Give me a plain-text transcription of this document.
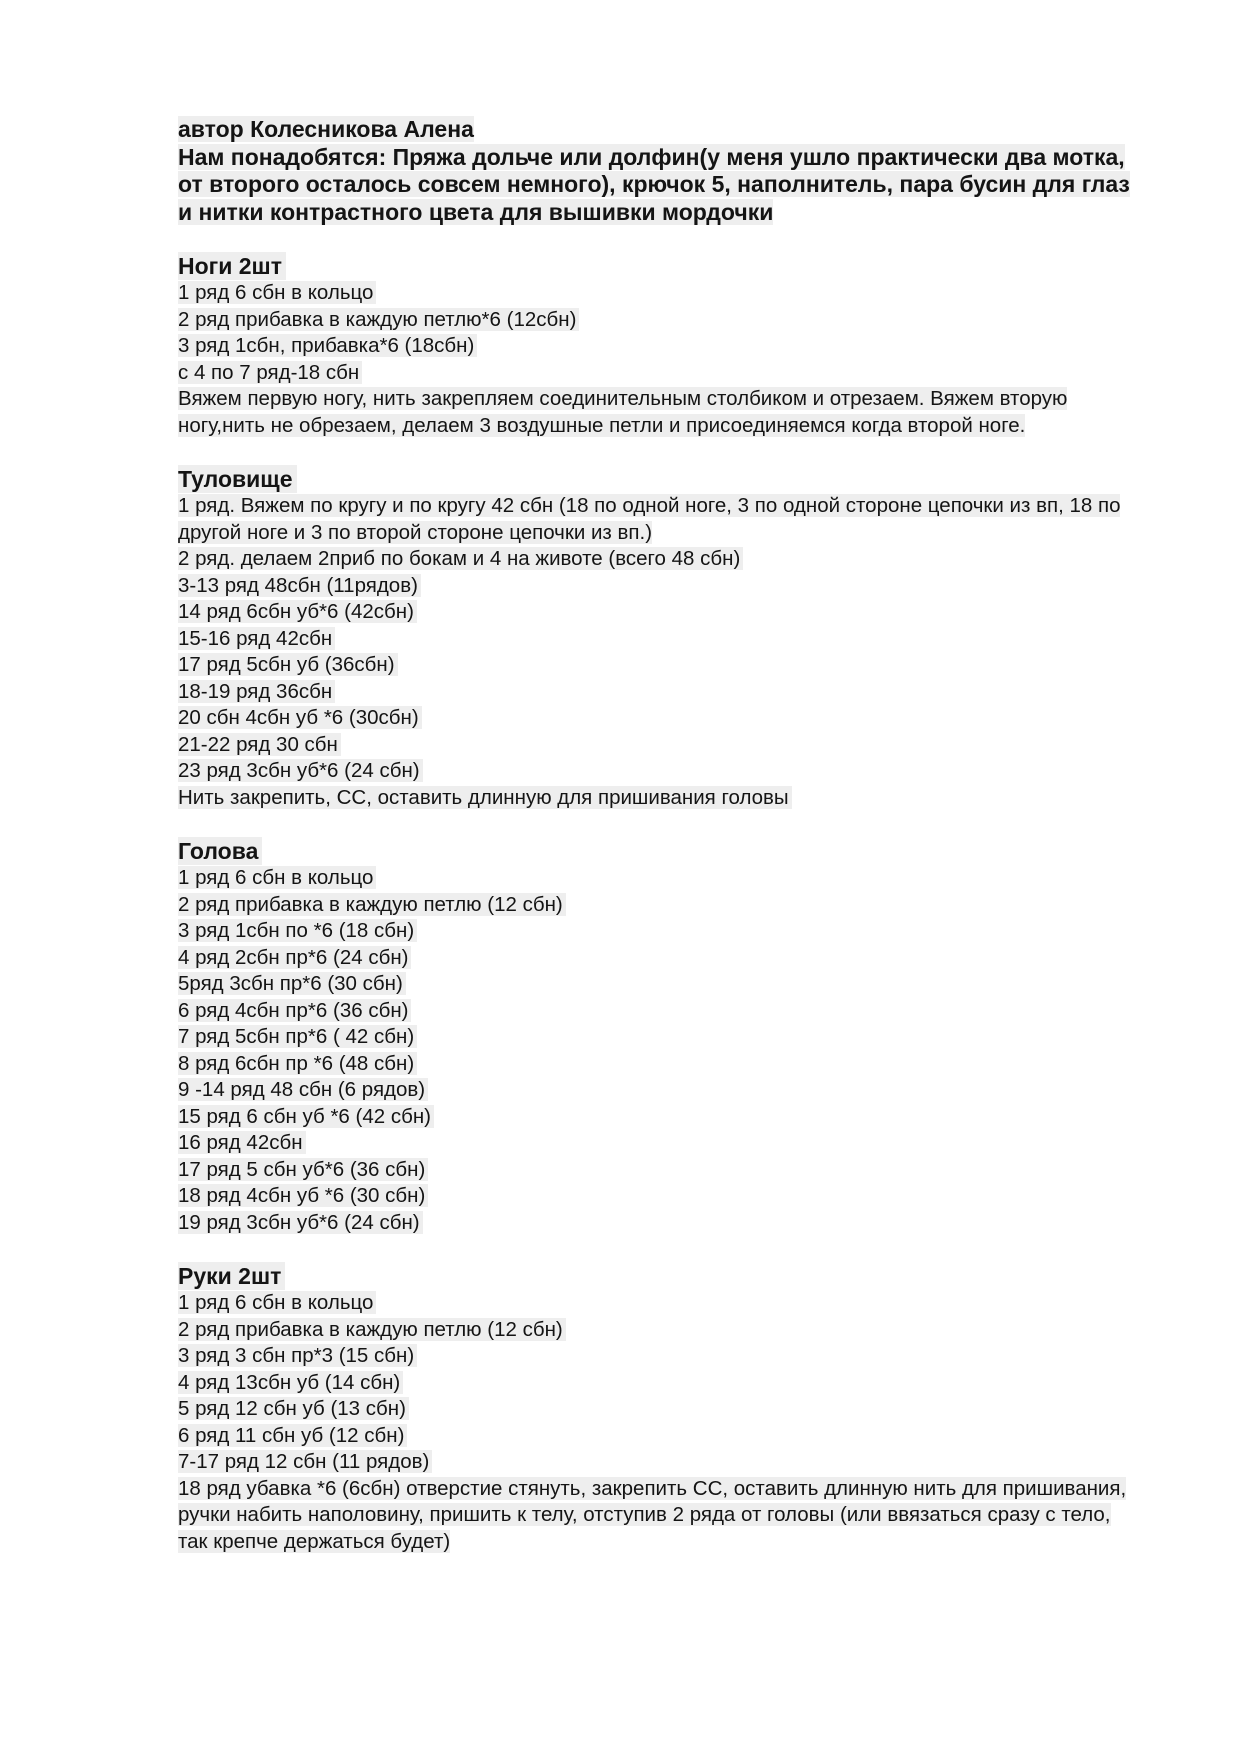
автор Колесникова Алена
Нам понадобятся: Пряжа дольче или долфин(у меня ушло практически два мотка, от второго осталось совсем немного), крючок 5, наполнитель, пара бусин для глаз и нитки контрастного цвета для вышивки мордочки
Ноги 2шт
1 ряд 6 сбн в кольцо
2 ряд прибавка в каждую петлю*6 (12сбн)
3 ряд 1сбн, прибавка*6 (18сбн)
с 4 по 7 ряд-18 сбн
Вяжем первую ногу, нить закрепляем соединительным столбиком и отрезаем. Вяжем вторую ногу,нить не обрезаем, делаем 3 воздушные петли и присоединяемся когда второй ноге.
Туловище
1 ряд. Вяжем по кругу и по кругу 42 сбн (18 по одной ноге, 3 по одной стороне цепочки из вп, 18 по другой ноге и 3 по второй стороне цепочки из вп.)
2 ряд. делаем 2приб по бокам и 4 на животе (всего 48 сбн)
3-13 ряд 48сбн (11рядов)
14 ряд 6сбн уб*6 (42сбн)
15-16 ряд 42сбн
17 ряд 5сбн уб (36сбн)
18-19 ряд 36сбн
20 сбн 4сбн уб *6 (30сбн)
21-22 ряд 30 сбн
23 ряд 3сбн уб*6 (24 сбн)
Нить закрепить, СС, оставить длинную для пришивания головы
Голова
1 ряд 6 сбн в кольцо
2 ряд прибавка в каждую петлю (12 сбн)
3 ряд 1сбн по *6 (18 сбн)
4 ряд 2сбн пр*6 (24 сбн)
5ряд 3сбн пр*6 (30 сбн)
6 ряд 4сбн пр*6 (36 сбн)
7 ряд 5сбн пр*6 ( 42 сбн)
8 ряд 6сбн пр *6 (48 сбн)
9 -14 ряд 48 сбн (6 рядов)
15 ряд 6 сбн уб *6 (42 сбн)
16 ряд 42сбн
17 ряд 5 сбн уб*6 (36 сбн)
18 ряд 4сбн уб *6 (30 сбн)
19 ряд 3сбн уб*6 (24 сбн)
Руки 2шт
1 ряд 6 сбн в кольцо
2 ряд прибавка в каждую петлю (12 сбн)
3 ряд 3 сбн пр*3 (15 сбн)
4 ряд 13сбн уб (14 сбн)
5 ряд 12 сбн уб (13 сбн)
6 ряд 11 сбн уб (12 сбн)
7-17 ряд 12 сбн (11 рядов)
18 ряд убавка *6 (6сбн) отверстие стянуть, закрепить СС, оставить длинную нить для пришивания, ручки набить наполовину, пришить к телу, отступив 2 ряда от головы (или ввязаться сразу с тело, так крепче держаться будет)
